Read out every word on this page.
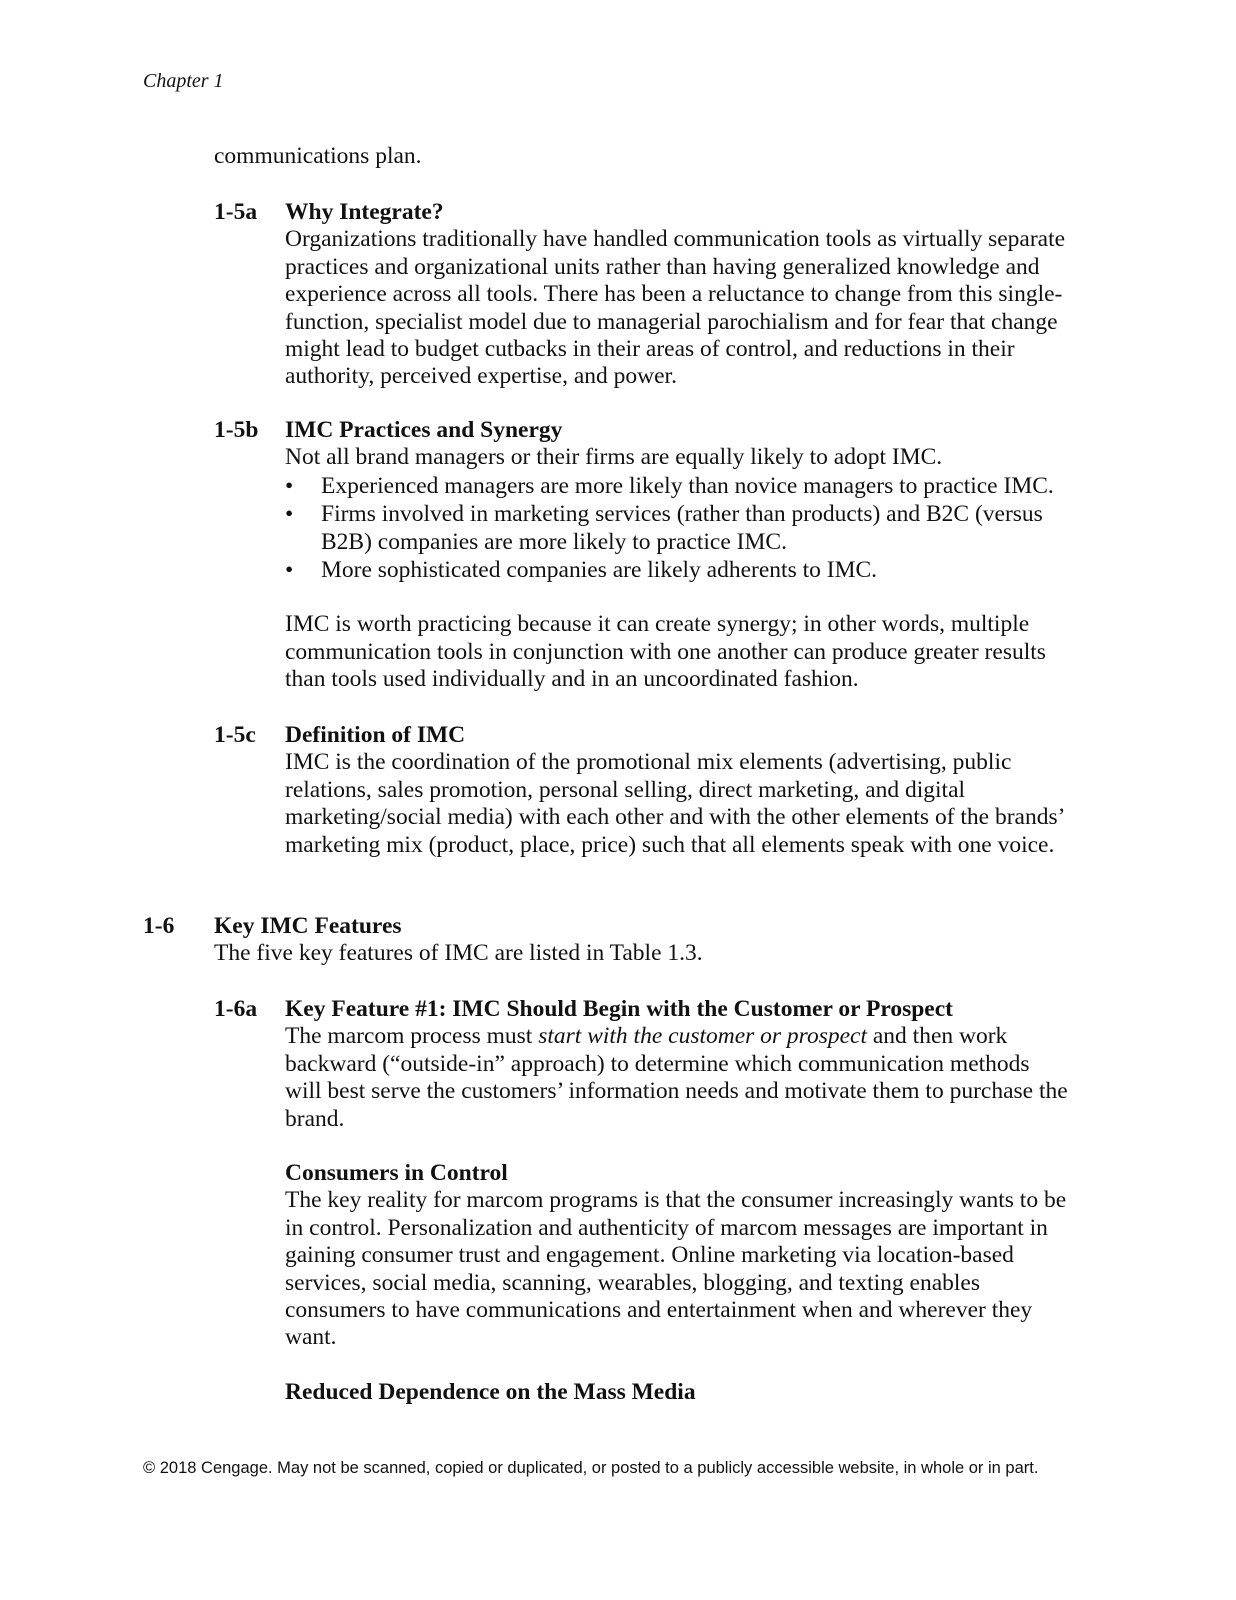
Chapter 1
communications plan.
1-5a Why Integrate?

Organizations traditionally have handled communication tools as virtually separate practices and organizational units rather than having generalized knowledge and experience across all tools. There has been a reluctance to change from this single-function, specialist model due to managerial parochialism and for fear that change might lead to budget cutbacks in their areas of control, and reductions in their authority, perceived expertise, and power.

1-5b IMC Practices and Synergy

Not all brand managers or their firms are equally likely to adopt IMC.

•	Experienced managers are more likely than novice managers to practice IMC.
•	Firms involved in marketing services (rather than products) and B2C (versus B2B) companies are more likely to practice IMC.
•	More sophisticated companies are likely adherents to IMC.

IMC is worth practicing because it can create synergy; in other words, multiple communication tools in conjunction with one another can produce greater results than tools used individually and in an uncoordinated fashion.

1-5c Definition of IMC

IMC is the coordination of the promotional mix elements (advertising, public relations, sales promotion, personal selling, direct marketing, and digital marketing/social media) with each other and with the other elements of the brands’ marketing mix (product, place, price) such that all elements speak with one voice.

1-6 Key IMC Features

The five key features of IMC are listed in Table 1.3.

1-6a Key Feature #1: IMC Should Begin with the Customer or Prospect

The marcom process must start with the customer or prospect and then work backward (“outside-in” approach) to determine which communication methods will best serve the customers’ information needs and motivate them to purchase the brand.

Consumers in Control

The key reality for marcom programs is that the consumer increasingly wants to be in control. Personalization and authenticity of marcom messages are important in gaining consumer trust and engagement. Online marketing via location-based services, social media, scanning, wearables, blogging, and texting enables consumers to have communications and entertainment when and wherever they want.

Reduced Dependence on the Mass Media
© 2018 Cengage. May not be scanned, copied or duplicated, or posted to a publicly accessible website, in whole or in part.
